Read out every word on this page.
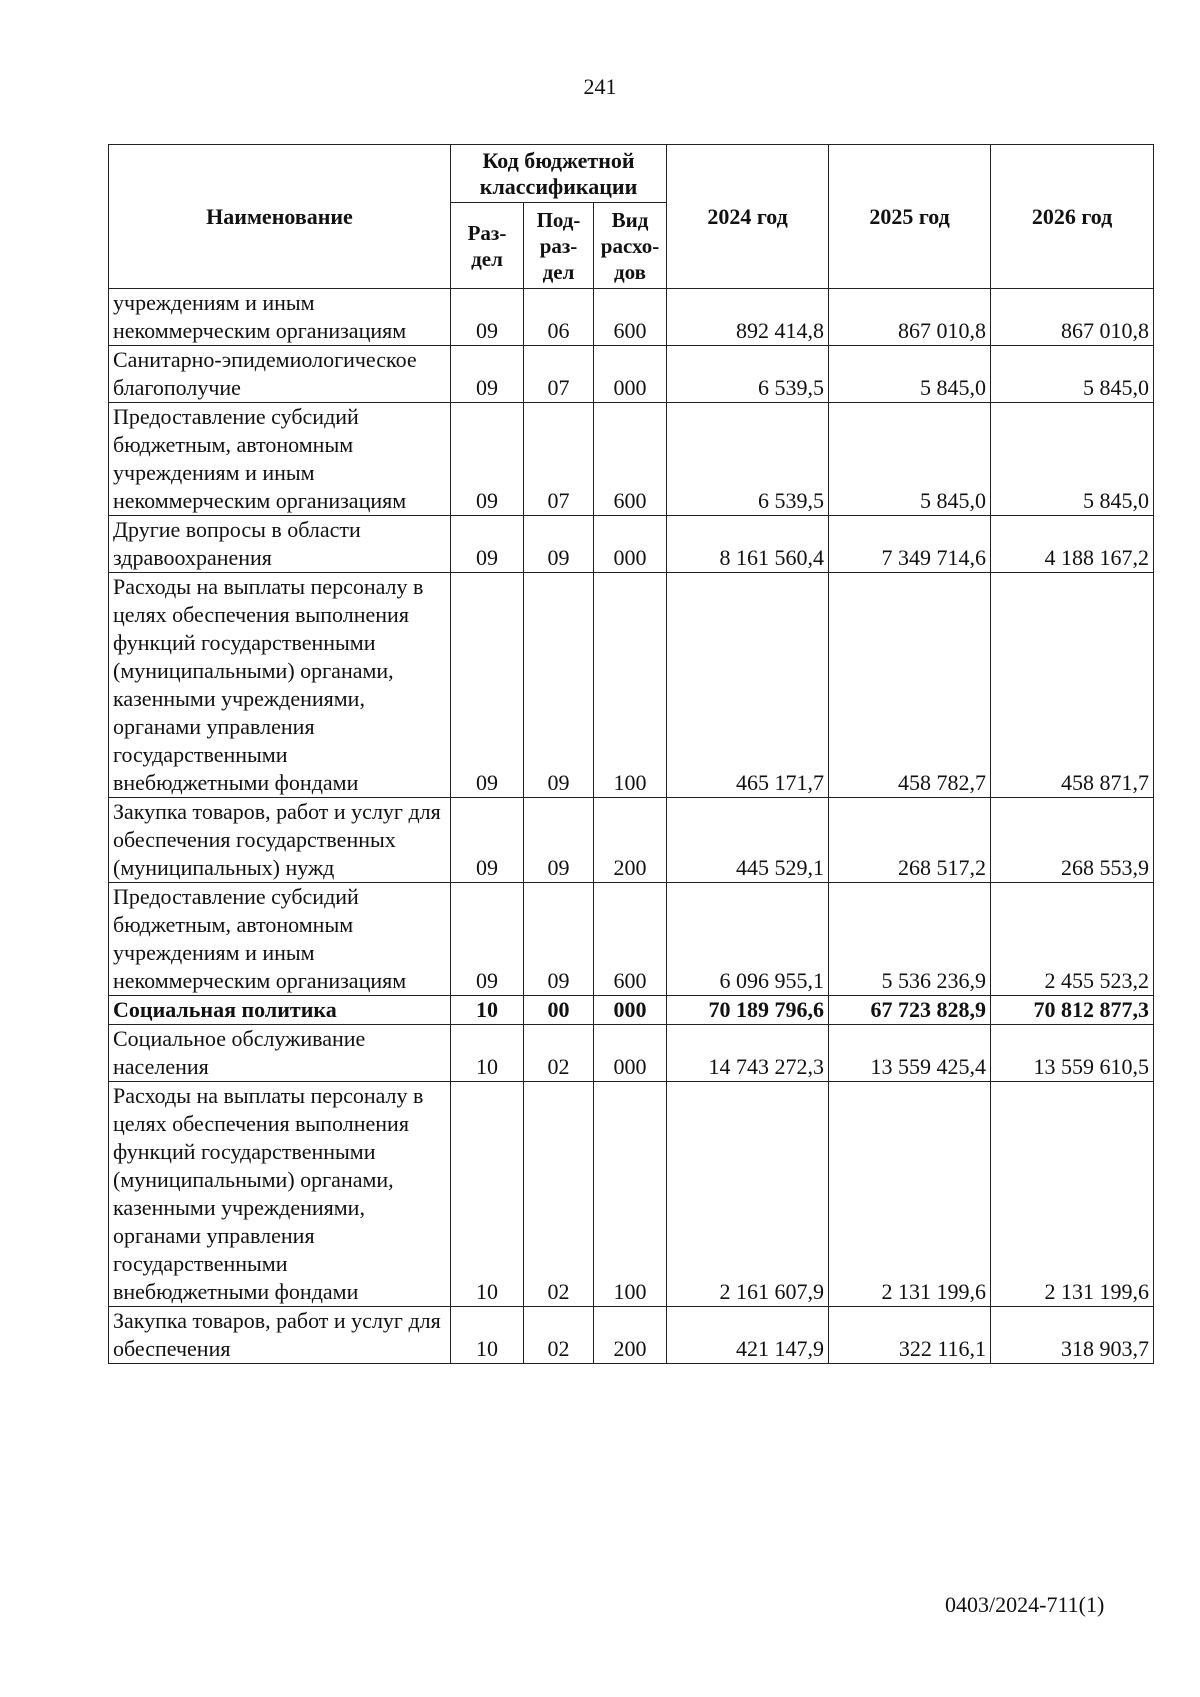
241
Наименование	Код бюджетной классификации			2024 год	2025 год	2026 год
	Раз-дел	Под-раз-дел	Вид расхо-дов			
учреждениям и иным некоммерческим организациям	09	06	600	892 414,8	867 010,8	867 010,8
Санитарно-эпидемиологическое благополучие	09	07	000	6 539,5	5 845,0	5 845,0
Предоставление субсидий бюджетным, автономным учреждениям и иным некоммерческим организациям	09	07	600	6 539,5	5 845,0	5 845,0
Другие вопросы в области здравоохранения	09	09	000	8 161 560,4	7 349 714,6	4 188 167,2
Расходы на выплаты персоналу в целях обеспечения выполнения функций государственными (муниципальными) органами, казенными учреждениями, органами управления государственными внебюджетными фондами	09	09	100	465 171,7	458 782,7	458 871,7
Закупка товаров, работ и услуг для обеспечения государственных (муниципальных) нужд	09	09	200	445 529,1	268 517,2	268 553,9
Предоставление субсидий бюджетным, автономным учреждениям и иным некоммерческим организациям	09	09	600	6 096 955,1	5 536 236,9	2 455 523,2
Социальная политика	10	00	000	70 189 796,6	67 723 828,9	70 812 877,3
Социальное обслуживание населения	10	02	000	14 743 272,3	13 559 425,4	13 559 610,5
Расходы на выплаты персоналу в целях обеспечения выполнения функций государственными (муниципальными) органами, казенными учреждениями, органами управления государственными внебюджетными фондами	10	02	100	2 161 607,9	2 131 199,6	2 131 199,6
Закупка товаров, работ и услуг для обеспечения	10	02	200	421 147,9	322 116,1	318 903,7
0403/2024-711(1)
